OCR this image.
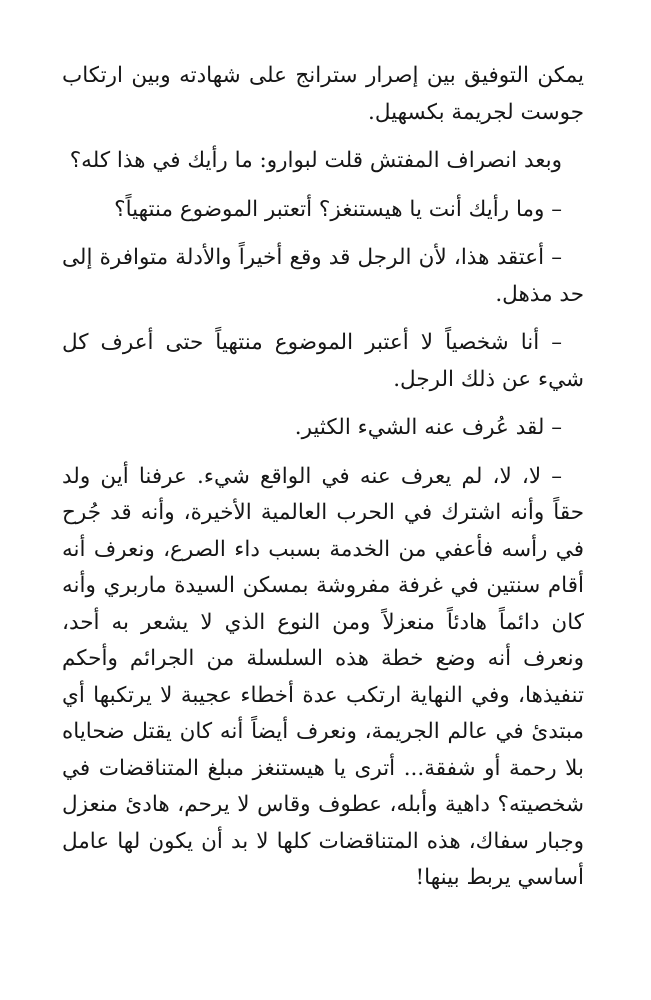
يمكن التوفيق بين إصرار سترانج على شهادته وبين ارتكاب جوست لجريمة بكسهيل.

وبعد انصراف المفتش قلت لبوارو: ما رأيك في هذا كله؟

– وما رأيك أنت يا هيستنغز؟ أتعتبر الموضوع منتهياً؟

– أعتقد هذا، لأن الرجل قد وقع أخيراً والأدلة متوافرة إلى حد مذهل.

– أنا شخصياً لا أعتبر الموضوع منتهياً حتى أعرف كل شيء عن ذلك الرجل.

– لقد عُرف عنه الشيء الكثير.

– لا، لا، لم يعرف عنه في الواقع شيء. عرفنا أين ولد حقاً وأنه اشترك في الحرب العالمية الأخيرة، وأنه قد جُرح في رأسه فأعفي من الخدمة بسبب داء الصرع، ونعرف أنه أقام سنتين في غرفة مفروشة بمسكن السيدة ماربري وأنه كان دائماً هادئاً منعزلاً ومن النوع الذي لا يشعر به أحد، ونعرف أنه وضع خطة هذه السلسلة من الجرائم وأحكم تنفيذها، وفي النهاية ارتكب عدة أخطاء عجيبة لا يرتكبها أي مبتدئ في عالم الجريمة، ونعرف أيضاً أنه كان يقتل ضحاياه بلا رحمة أو شفقة... أترى يا هيستنغز مبلغ المتناقضات في شخصيته؟ داهية وأبله، عطوف وقاس لا يرحم، هادئ منعزل وجبار سفاك، هذه المتناقضات كلها لا بد أن يكون لها عامل أساسي يربط بينها!
